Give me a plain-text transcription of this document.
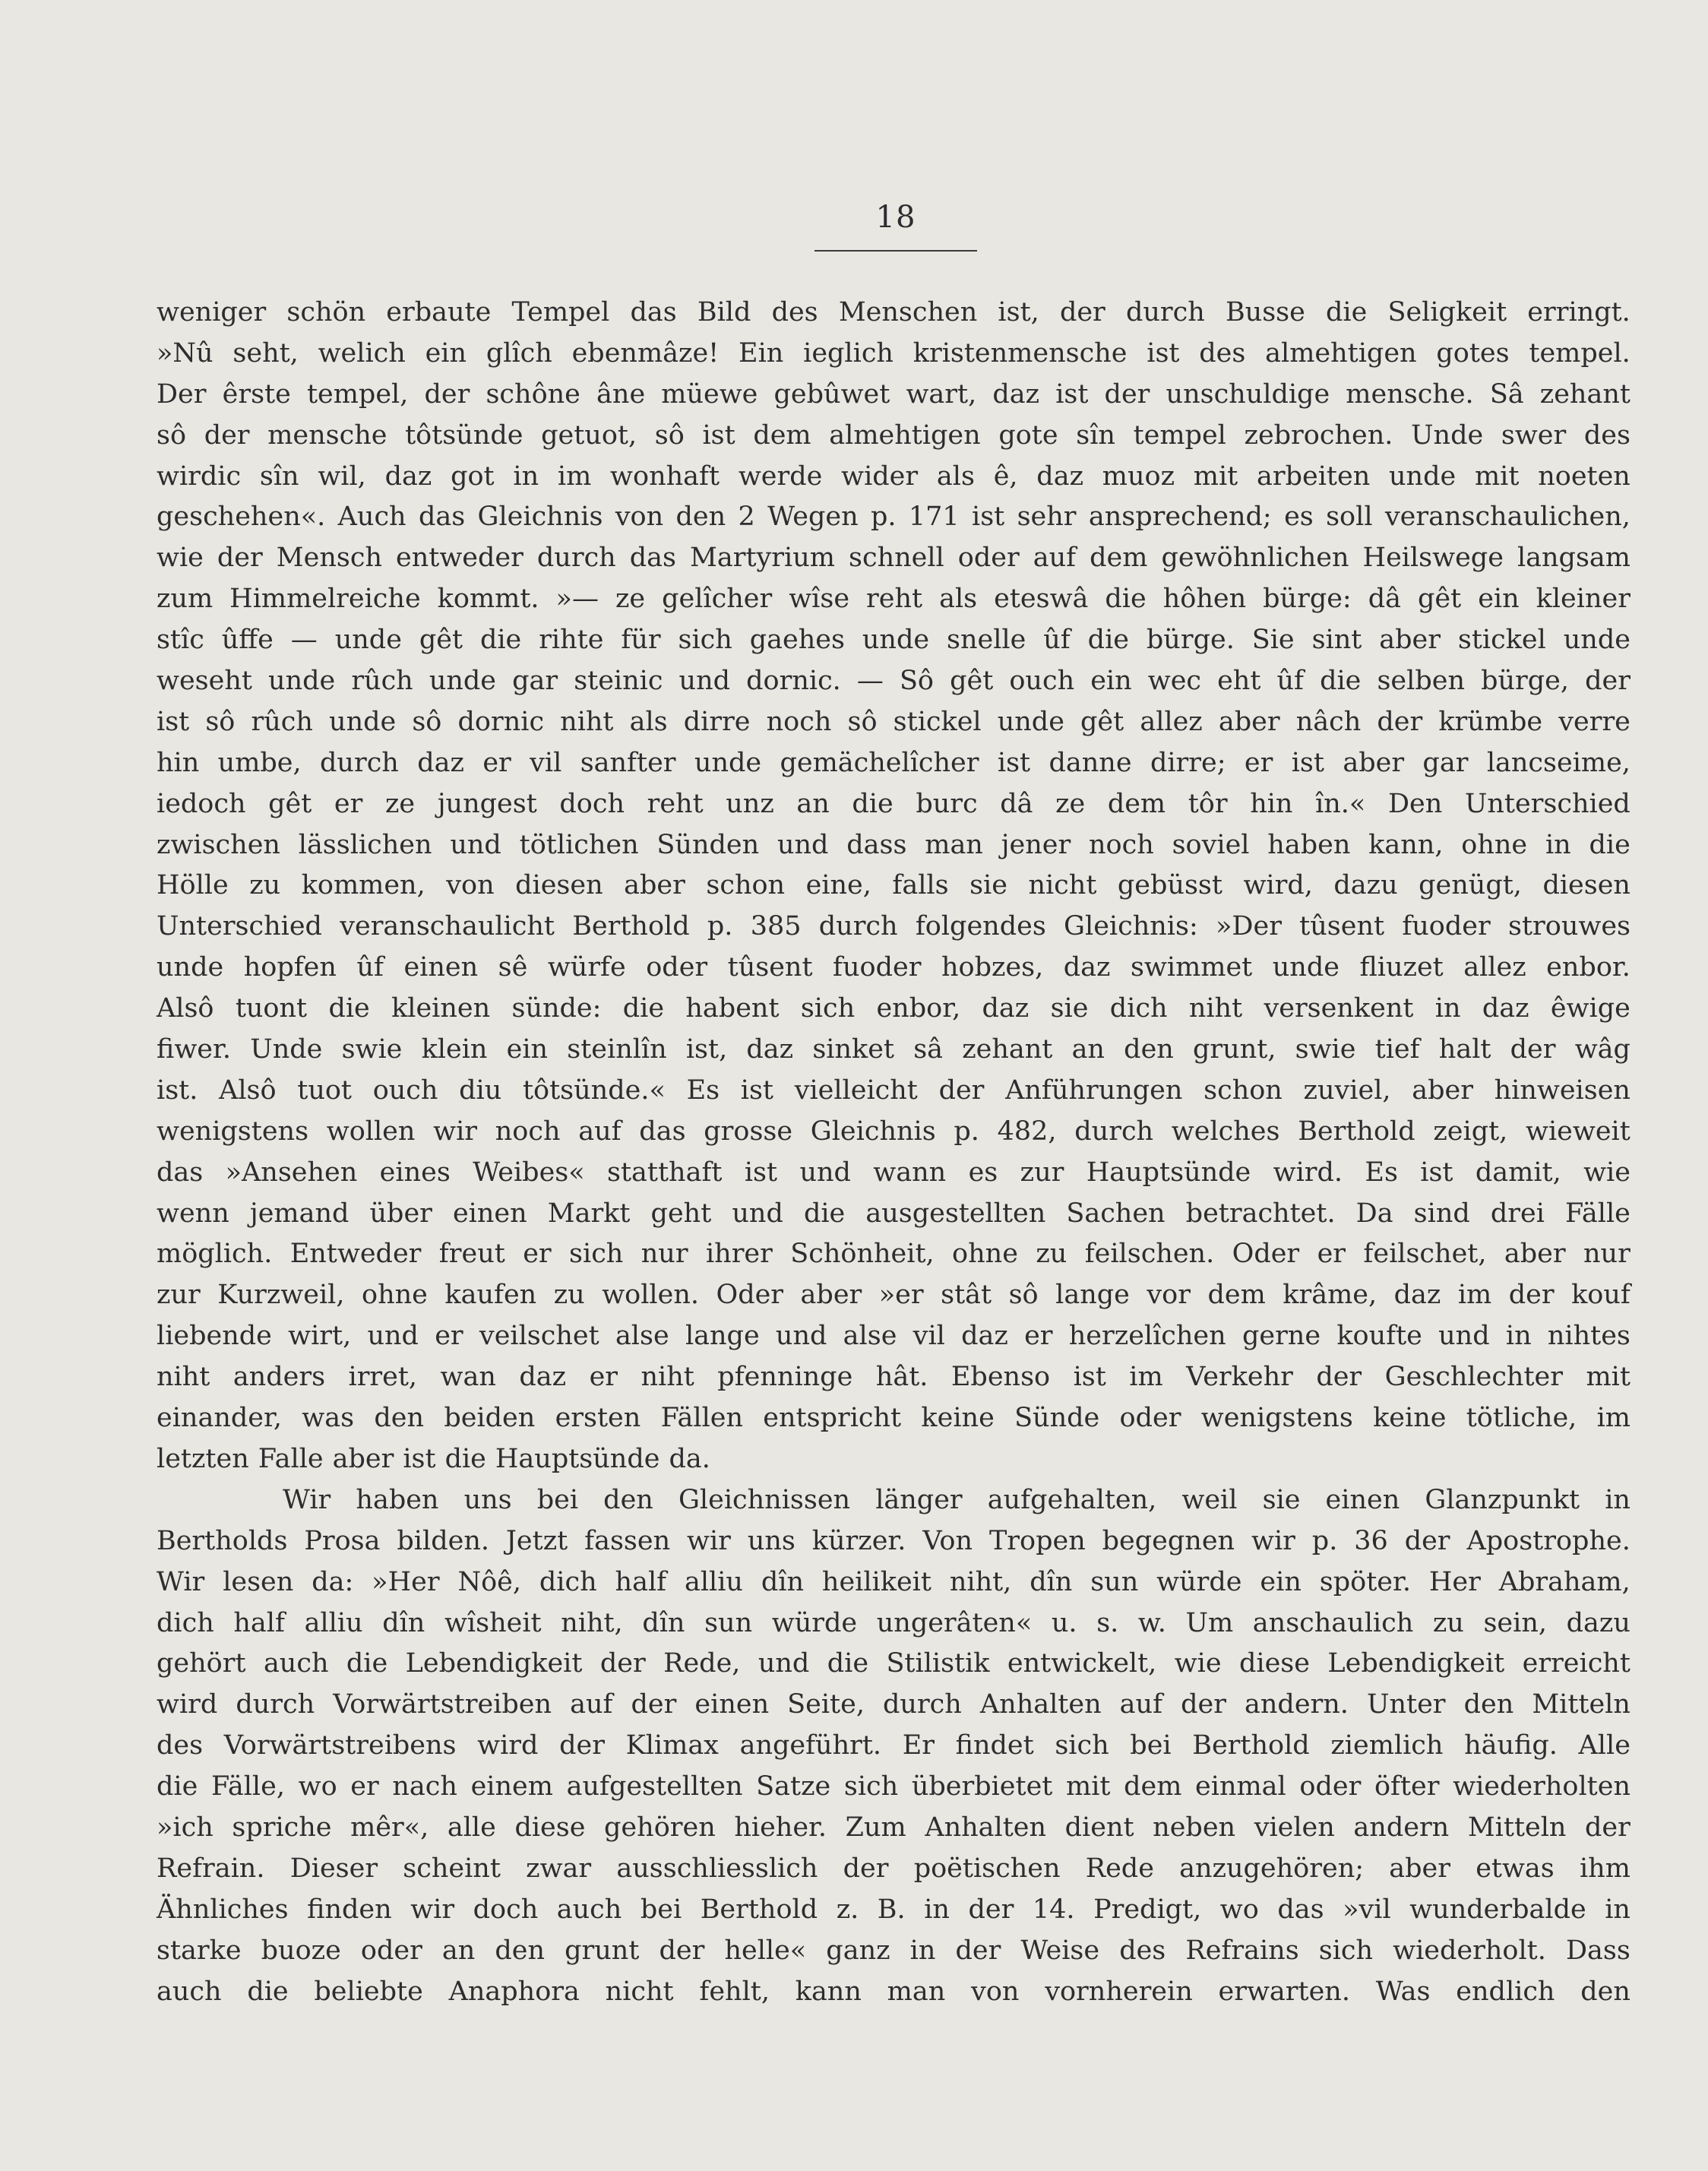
18
weniger schön erbaute Tempel das Bild des Menschen ist, der durch Busse die Seligkeit erringt.
»Nû seht, welich ein glîch ebenmâze! Ein ieglich kristenmensche ist des almehtigen gotes tempel.
Der êrste tempel, der schône âne müewe gebûwet wart, daz ist der unschuldige mensche. Sâ zehant
sô der mensche tôtsünde getuot, sô ist dem almehtigen gote sîn tempel zebrochen. Unde swer des
wirdic sîn wil, daz got in im wonhaft werde wider als ê, daz muoz mit arbeiten unde mit noeten
geschehen«. Auch das Gleichnis von den 2 Wegen p. 171 ist sehr ansprechend; es soll veranschaulichen,
wie der Mensch entweder durch das Martyrium schnell oder auf dem gewöhnlichen Heilswege langsam
zum Himmelreiche kommt. »— ze gelîcher wîse reht als eteswâ die hôhen bürge: dâ gêt ein kleiner
stîc ûffe — unde gêt die rihte für sich gaehes unde snelle ûf die bürge. Sie sint aber stickel unde
weseht unde rûch unde gar steinic und dornic. — Sô gêt ouch ein wec eht ûf die selben bürge, der
ist sô rûch unde sô dornic niht als dirre noch sô stickel unde gêt allez aber nâch der krümbe verre
hin umbe, durch daz er vil sanfter unde gemächelîcher ist danne dirre; er ist aber gar lancseime,
iedoch gêt er ze jungest doch reht unz an die burc dâ ze dem tôr hin în.« Den Unterschied
zwischen lässlichen und tötlichen Sünden und dass man jener noch soviel haben kann, ohne in die
Hölle zu kommen, von diesen aber schon eine, falls sie nicht gebüsst wird, dazu genügt, diesen
Unterschied veranschaulicht Berthold p. 385 durch folgendes Gleichnis: »Der tûsent fuoder strouwes
unde hopfen ûf einen sê würfe oder tûsent fuoder hobzes, daz swimmet unde fliuzet allez enbor.
Alsô tuont die kleinen sünde: die habent sich enbor, daz sie dich niht versenkent in daz êwige
fiwer. Unde swie klein ein steinlîn ist, daz sinket sâ zehant an den grunt, swie tief halt der wâg
ist. Alsô tuot ouch diu tôtsünde.« Es ist vielleicht der Anführungen schon zuviel, aber hinweisen
wenigstens wollen wir noch auf das grosse Gleichnis p. 482, durch welches Berthold zeigt, wieweit
das »Ansehen eines Weibes« statthaft ist und wann es zur Hauptsünde wird. Es ist damit, wie
wenn jemand über einen Markt geht und die ausgestellten Sachen betrachtet. Da sind drei Fälle
möglich. Entweder freut er sich nur ihrer Schönheit, ohne zu feilschen. Oder er feilschet, aber nur
zur Kurzweil, ohne kaufen zu wollen. Oder aber »er stât sô lange vor dem krâme, daz im der kouf
liebende wirt, und er veilschet alse lange und alse vil daz er herzelîchen gerne koufte und in nihtes
niht anders irret, wan daz er niht pfenninge hât. Ebenso ist im Verkehr der Geschlechter mit
einander, was den beiden ersten Fällen entspricht keine Sünde oder wenigstens keine tötliche, im
letzten Falle aber ist die Hauptsünde da.
Wir haben uns bei den Gleichnissen länger aufgehalten, weil sie einen Glanzpunkt in
Bertholds Prosa bilden. Jetzt fassen wir uns kürzer. Von Tropen begegnen wir p. 36 der Apostrophe.
Wir lesen da: »Her Nôê, dich half alliu dîn heilikeit niht, dîn sun würde ein spöter. Her Abraham,
dich half alliu dîn wîsheit niht, dîn sun würde ungerâten« u. s. w. Um anschaulich zu sein, dazu
gehört auch die Lebendigkeit der Rede, und die Stilistik entwickelt, wie diese Lebendigkeit erreicht
wird durch Vorwärtstreiben auf der einen Seite, durch Anhalten auf der andern. Unter den Mitteln
des Vorwärtstreibens wird der Klimax angeführt. Er findet sich bei Berthold ziemlich häufig. Alle
die Fälle, wo er nach einem aufgestellten Satze sich überbietet mit dem einmal oder öfter wiederholten
»ich spriche mêr«, alle diese gehören hieher. Zum Anhalten dient neben vielen andern Mitteln der
Refrain. Dieser scheint zwar ausschliesslich der poëtischen Rede anzugehören; aber etwas ihm
Ähnliches finden wir doch auch bei Berthold z. B. in der 14. Predigt, wo das »vil wunderbalde in
starke buoze oder an den grunt der helle« ganz in der Weise des Refrains sich wiederholt. Dass
auch die beliebte Anaphora nicht fehlt, kann man von vornherein erwarten. Was endlich den
